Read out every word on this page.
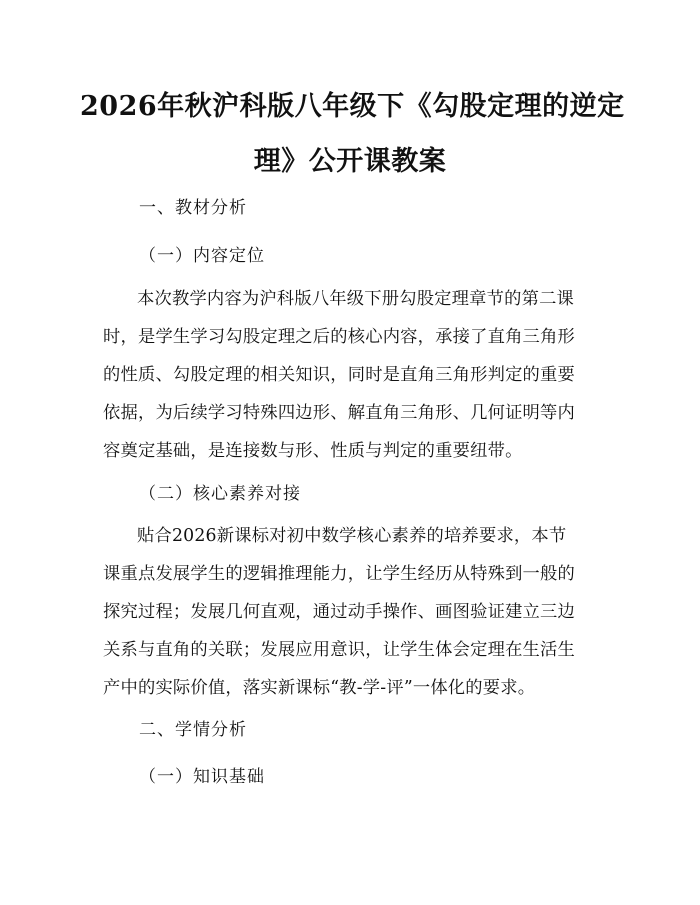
2026年秋沪科版八年级下《勾股定理的逆定
理》公开课教案
一、教材分析
（一）内容定位
本次教学内容为沪科版八年级下册勾股定理章节的第二课
时，是学生学习勾股定理之后的核心内容，承接了直角三角形
的性质、勾股定理的相关知识，同时是直角三角形判定的重要
依据，为后续学习特殊四边形、解直角三角形、几何证明等内
容奠定基础，是连接数与形、性质与判定的重要纽带。
（二）核心素养对接
贴合2026新课标对初中数学核心素养的培养要求，本节
课重点发展学生的逻辑推理能力，让学生经历从特殊到一般的
探究过程；发展几何直观，通过动手操作、画图验证建立三边
关系与直角的关联；发展应用意识，让学生体会定理在生活生
产中的实际价值，落实新课标“教-学-评”一体化的要求。
二、学情分析
（一）知识基础
